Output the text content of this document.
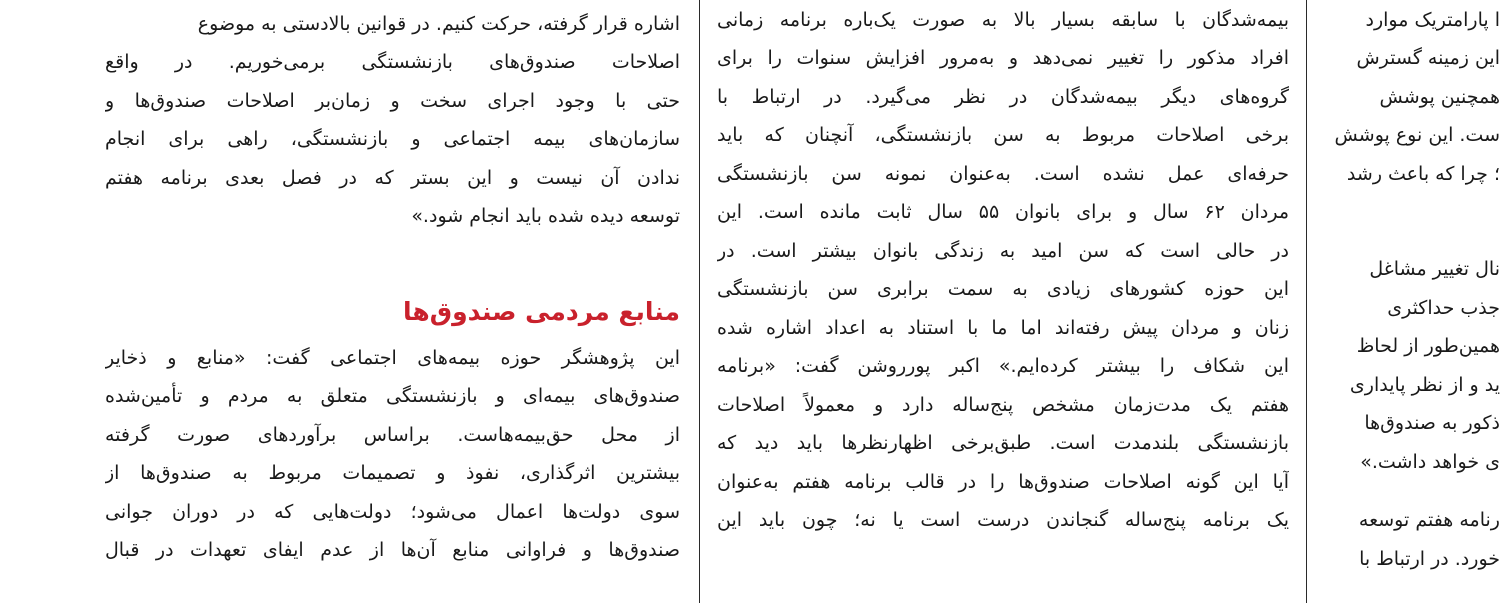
اشاره قرار گرفته، حرکت کنیم. در قوانین بالادستی به موضوع
اصلاحات صندوق‌های بازنشستگی برمی‌خوریم. در واقع
حتی با وجود اجرای سخت و زمان‌بر اصلاحات صندوق‌ها و
سازمان‌های بیمه اجتماعی و بازنشستگی، راهی برای انجام
ندادن آن نیست و این بستر که در فصل بعدی برنامه هفتم
توسعه دیده شده باید انجام شود.»
منابع مردمی صندوق‌ها
این پژوهشگر حوزه بیمه‌های اجتماعی گفت: «منابع و ذخایر
صندوق‌های بیمه‌ای و بازنشستگی متعلق به مردم و تأمین‌شده
از محل حق‌بیمه‌هاست. براساس برآوردهای صورت گرفته
بیشترین اثرگذاری، نفوذ و تصمیمات مربوط به صندوق‌ها از
سوی دولت‌ها اعمال می‌شود؛ دولت‌هایی که در دوران جوانی
صندوق‌ها و فراوانی منابع آن‌ها از عدم ایفای تعهدات در قبال
بیمه‌شدگان با سابقه بسیار بالا به صورت یک‌باره برنامه زمانی
افراد مذکور را تغییر نمی‌دهد و به‌مرور افزایش سنوات را برای
گروه‌های دیگر بیمه‌شدگان در نظر می‌گیرد. در ارتباط با
برخی اصلاحات مربوط به سن بازنشستگی، آنچنان که باید
حرفه‌ای عمل نشده است. به‌عنوان نمونه سن بازنشستگی
مردان ۶۲ سال و برای بانوان ۵۵ سال ثابت مانده است. این
در حالی است که سن امید به زندگی بانوان بیشتر است. در
این حوزه کشورهای زیادی به سمت برابری سن بازنشستگی
زنان و مردان پیش رفته‌اند اما ما با استناد به اعداد اشاره شده
این شکاف را بیشتر کرده‌ایم.» اکبر پورروشن گفت: «برنامه
هفتم یک مدت‌زمان مشخص پنج‌ساله دارد و معمولاً اصلاحات
بازنشستگی بلندمدت است. طبق‌برخی اظهارنظرها باید دید که
آیا این گونه اصلاحات صندوق‌ها را در قالب برنامه هفتم به‌عنوان
یک برنامه پنج‌ساله گنجاندن درست است یا نه؛ چون باید این
ا پارامتریک موارد
این زمینه گسترش
همچنین پوشش
ست. این نوع پوشش
؛ چرا که باعث رشد
نال تغییر مشاغل
جذب حداکثری
همین‌طور از لحاظ
ید و از نظر پایداری
ذکور به صندوق‌ها
ی خواهد داشت.»
رنامه هفتم توسعه
خورد. در ارتباط با
